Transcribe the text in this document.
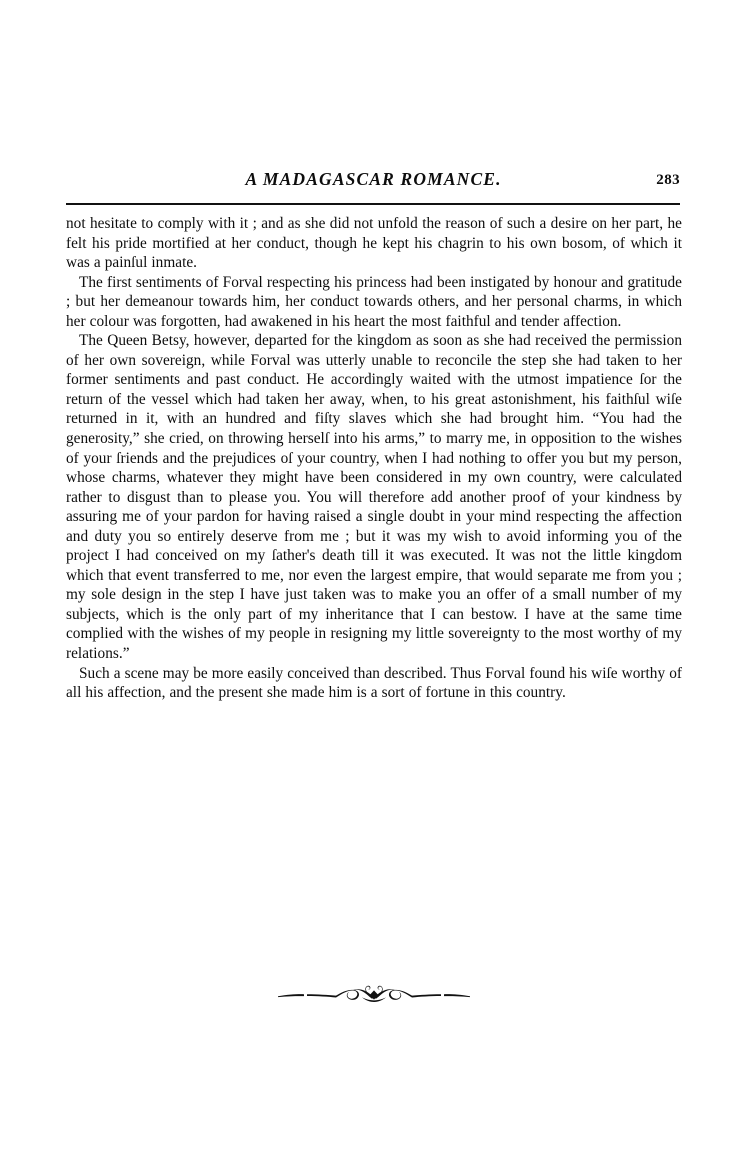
A MADAGASCAR ROMANCE.	283

not hesitate to comply with it ; and as she did not unfold the reason of such a desire on her part, he felt his pride mortified at her conduct, though he kept his chagrin to his own bosom, of which it was a painſul inmate.

The first sentiments of Forval respecting his princess had been instigated by honour and gratitude ; but her demeanour towards him, her conduct towards others, and her personal charms, in which her colour was forgotten, had awakened in his heart the most faithful and tender affection.

The Queen Betsy, however, departed for the kingdom as soon as she had received the permission of her own sovereign, while Forval was utterly unable to reconcile the step she had taken to her former sentiments and past conduct. He accordingly waited with the utmost impatience ſor the return of the vessel which had taken her away, when, to his great astonishment, his faithſul wiſe returned in it, with an hundred and fiſty slaves which she had brought him. “You had the generosity,” she cried, on throwing herselſ into his arms,” to marry me, in opposition to the wishes of your ſriends and the prejudices oſ your country, when I had nothing to offer you but my person, whose charms, whatever they might have been considered in my own country, were calculated rather to disgust than to please you. You will therefore add another proof of your kindness by assuring me of your pardon for having raised a single doubt in your mind respecting the affection and duty you so entirely deserve from me ; but it was my wish to avoid informing you of the project I had conceived on my ſather's death till it was executed. It was not the little kingdom which that event transferred to me, nor even the largest empire, that would separate me from you ; my sole design in the step I have just taken was to make you an offer of a small number of my subjects, which is the only part of my inheritance that I can bestow. I have at the same time complied with the wishes of my people in resigning my little sovereignty to the most worthy of my relations.”

Such a scene may be more easily conceived than described. Thus Forval found his wiſe worthy of all his affection, and the present she made him is a sort of fortune in this country.
